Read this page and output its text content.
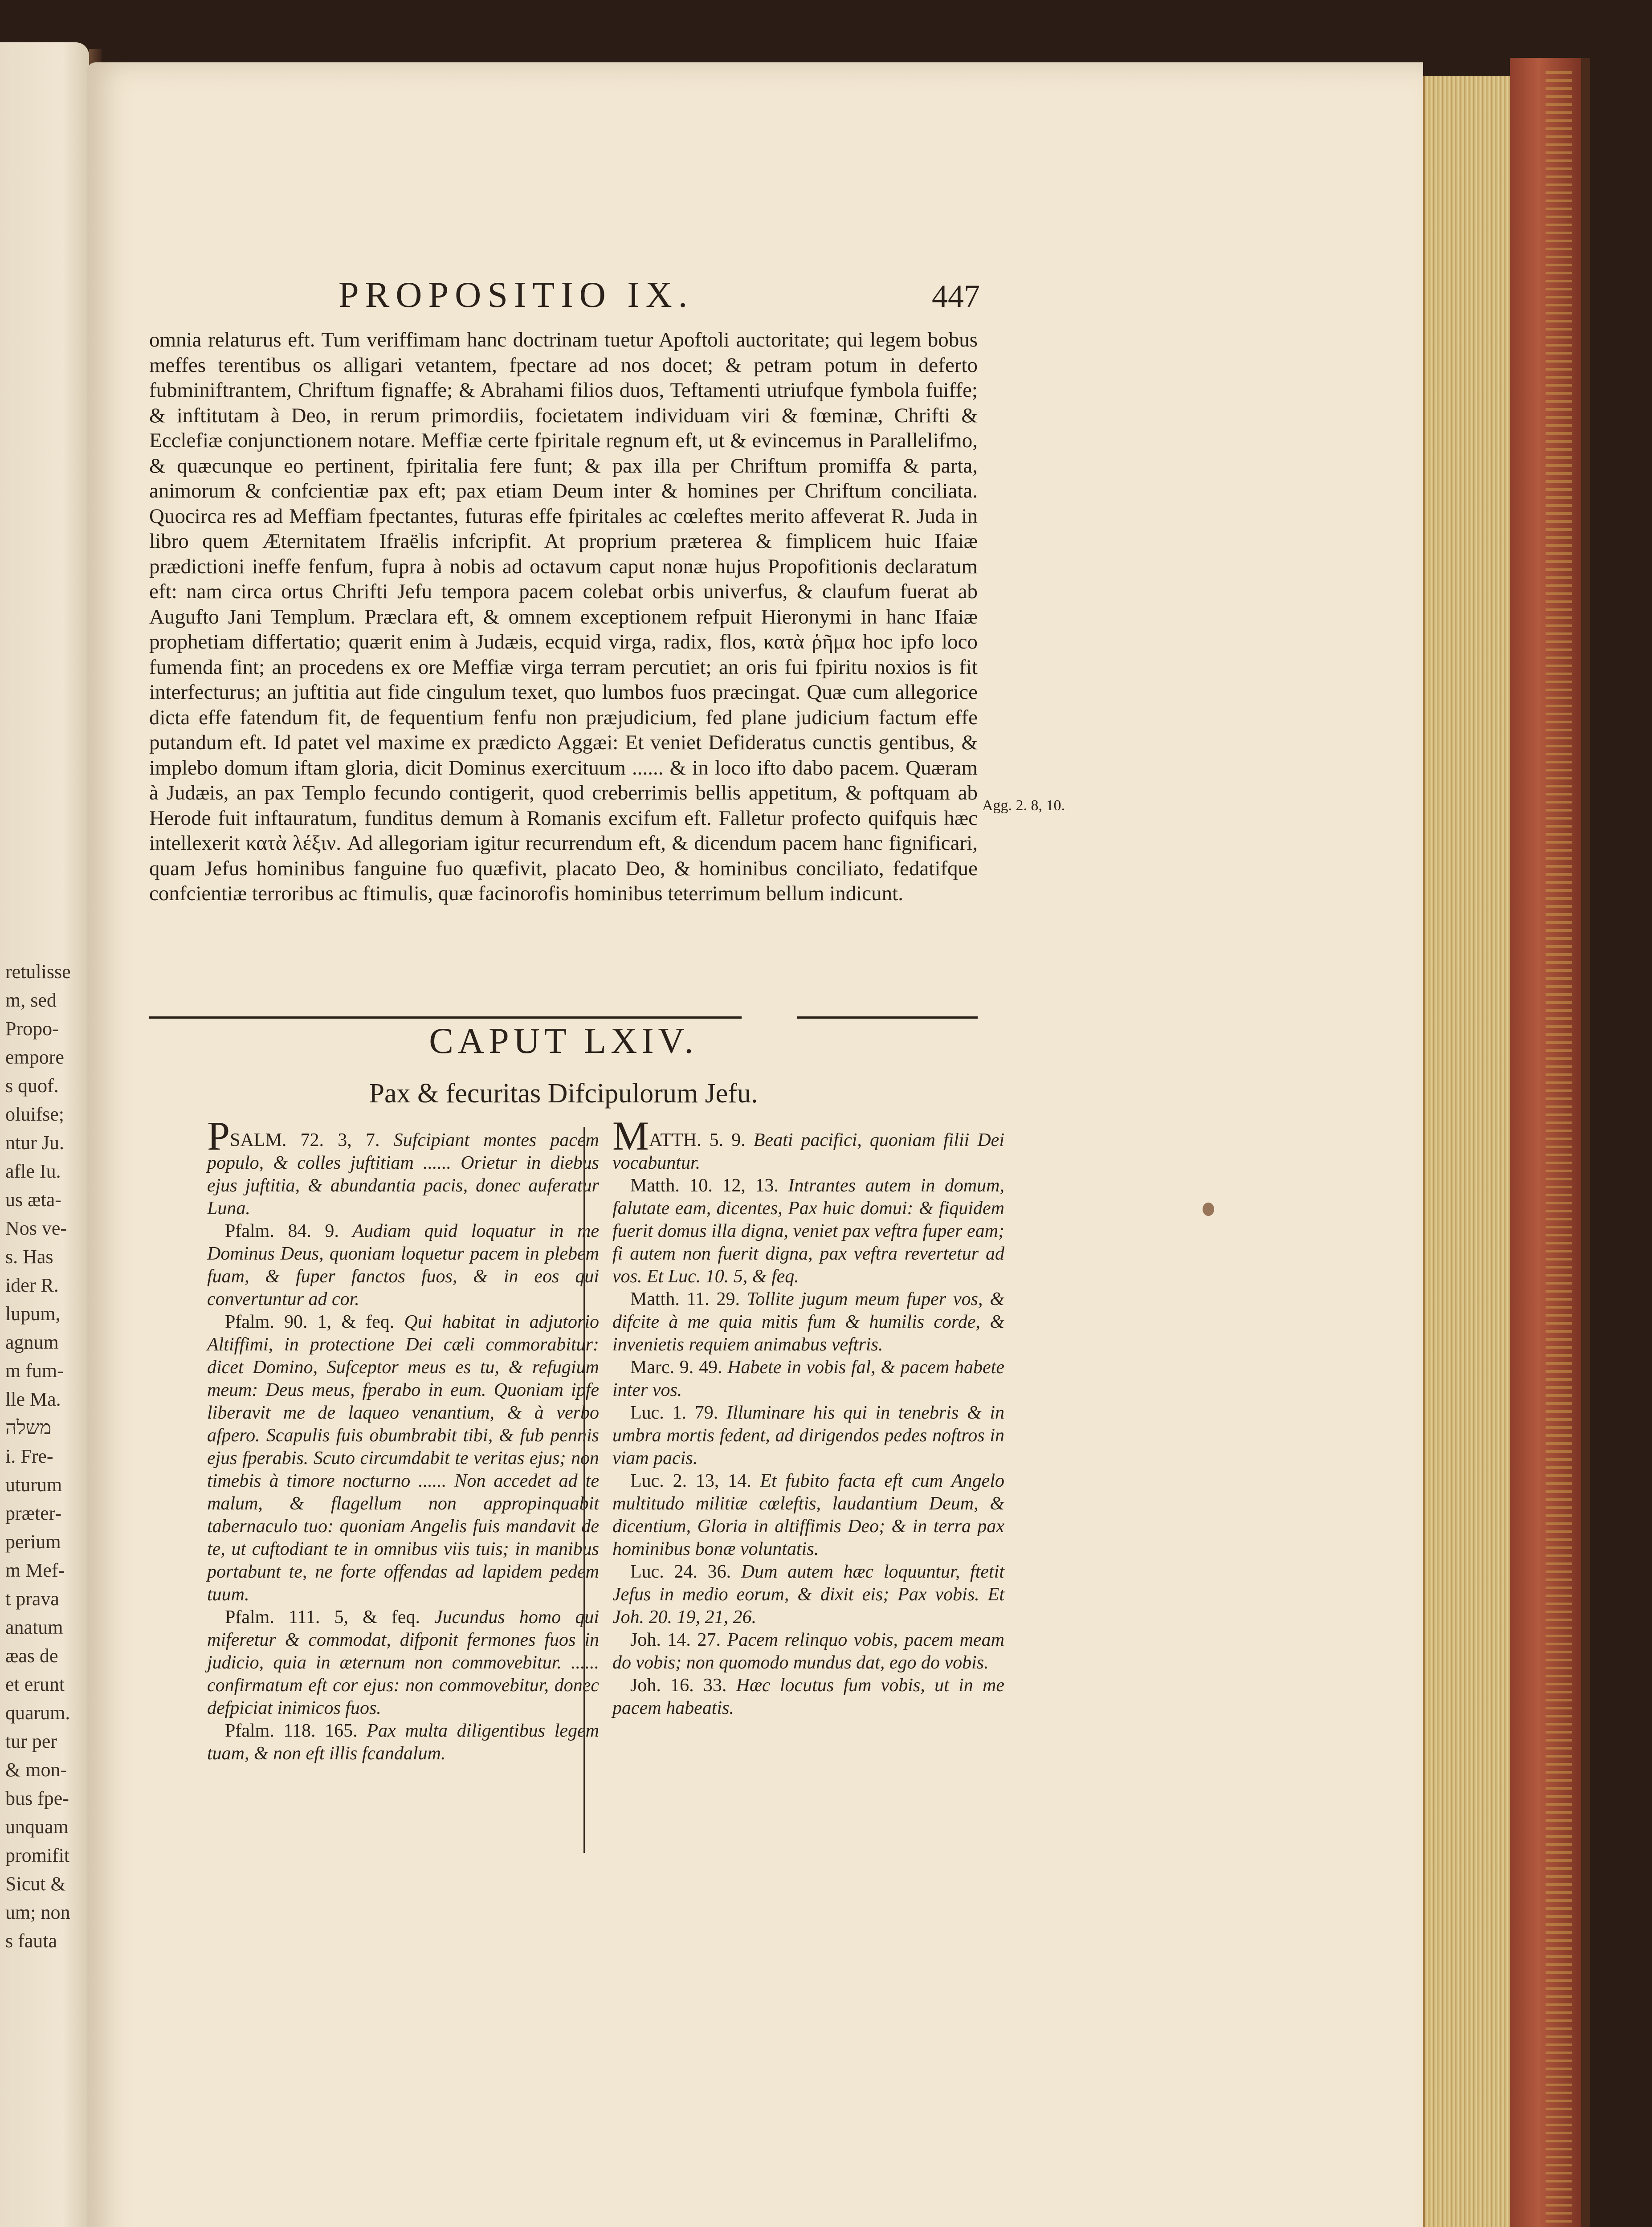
retulisse
m, sed
Propo-
empore
s quof.
oluifse;
ntur Ju.
afle Iu.
us æta-
Nos ve-
s. Has
ider R.
lupum,
agnum
m fum-
lle Ma.
משלה
i. Fre-
uturum
præter-
perium
m Mef-
t prava
anatum
æas de
et erunt
quarum.
tur per
& mon-
bus fpe-
unquam
promifit
Sicut &
um; non
s fauta
PROPOSITIO IX.	447

omnia relaturus eft. Tum veriffimam hanc doctrinam tuetur Apoftoli auctoritate; qui legem bobus meffes terentibus os alligari vetantem, fpectare ad nos docet; & petram potum in deferto fubminiftrantem, Chriftum fignaffe; & Abrahami filios duos, Teftamenti utriufque fymbola fuiffe; & inftitutam à Deo, in rerum primordiis, focietatem individuam viri & fœminæ, Chrifti & Ecclefiæ conjunctionem notare. Meffiæ certe fpiritale regnum eft, ut & evincemus in Parallelifmo, & quæcunque eo pertinent, fpiritalia fere funt; & pax illa per Chriftum promiffa & parta, animorum & confcientiæ pax eft; pax etiam Deum inter & homines per Chriftum conciliata. Quocirca res ad Meffiam fpectantes, futuras effe fpiritales ac cœleftes merito affeverat R. Juda in libro quem Æternitatem Ifraëlis infcripfit. At proprium præterea & fimplicem huic Ifaiæ prædictioni ineffe fenfum, fupra à nobis ad octavum caput nonæ hujus Propofitionis declaratum eft: nam circa ortus Chrifti Jefu tempora pacem colebat orbis univerfus, & claufum fuerat ab Augufto Jani Templum. Præclara eft, & omnem exceptionem refpuit Hieronymi in hanc Ifaiæ prophetiam differtatio; quærit enim à Judæis, ecquid virga, radix, flos, κατὰ ῥῆμα hoc ipfo loco fumenda fint; an procedens ex ore Meffiæ virga terram percutiet; an oris fui fpiritu noxios is fit interfecturus; an juftitia aut fide cingulum texet, quo lumbos fuos præcingat. Quæ cum allegorice dicta effe fatendum fit, de fequentium fenfu non præjudicium, fed plane judicium factum effe putandum eft. Id patet vel maxime ex prædicto Aggæi: Et veniet Defideratus cunctis gentibus, & implebo domum iftam gloria, dicit Dominus exercituum ...... & in loco ifto dabo pacem. Quæram à Judæis, an pax Templo fecundo contigerit, quod creberrimis bellis appetitum, & poftquam ab Herode fuit inftauratum, funditus demum à Romanis excifum eft. Falletur profecto quifquis hæc intellexerit κατὰ λέξιν. Ad allegoriam igitur recurrendum eft, & dicendum pacem hanc fignificari, quam Jefus hominibus fanguine fuo quæfivit, placato Deo, & hominibus conciliato, fedatifque confcientiæ terroribus ac ftimulis, quæ facinorofis hominibus teterrimum bellum indicunt.

Agg. 2. 8, 10.
CAPUT LXIV.
Pax & fecuritas Difcipulorum Jefu.

PSALM. 72. 3, 7. Sufcipiant montes pacem populo, & colles juftitiam ...... Orietur in diebus ejus juftitia, & abundantia pacis, donec auferatur Luna.

Pfalm. 84. 9. Audiam quid loquatur in me Dominus Deus, quoniam loquetur pacem in plebem fuam, & fuper fanctos fuos, & in eos qui convertuntur ad cor.

Pfalm. 90. 1, & feq. Qui habitat in adjutorio Altiffimi, in protectione Dei cæli commorabitur: dicet Domino, Sufceptor meus es tu, & refugium meum: Deus meus, fperabo in eum. Quoniam ipfe liberavit me de laqueo venantium, & à verbo afpero. Scapulis fuis obumbrabit tibi, & fub pennis ejus fperabis. Scuto circumdabit te veritas ejus; non timebis à timore nocturno ...... Non accedet ad te malum, & flagellum non appropinquabit tabernaculo tuo: quoniam Angelis fuis mandavit de te, ut cuftodiant te in omnibus viis tuis; in manibus portabunt te, ne forte offendas ad lapidem pedem tuum.

Pfalm. 111. 5, & feq. Jucundus homo qui miferetur & commodat, difponit fermones fuos in judicio, quia in æternum non commovebitur. ...... confirmatum eft cor ejus: non commovebitur, donec defpiciat inimicos fuos.

Pfalm. 118. 165. Pax multa diligentibus legem tuam, & non eft illis fcandalum.

MATTH. 5. 9. Beati pacifici, quoniam filii Dei vocabuntur.

Matth. 10. 12, 13. Intrantes autem in domum, falutate eam, dicentes, Pax huic domui: & fiquidem fuerit domus illa digna, veniet pax veftra fuper eam; fi autem non fuerit digna, pax veftra revertetur ad vos. Et Luc. 10. 5, & feq.

Matth. 11. 29. Tollite jugum meum fuper vos, & difcite à me quia mitis fum & humilis corde, & invenietis requiem animabus veftris.

Marc. 9. 49. Habete in vobis fal, & pacem habete inter vos.

Luc. 1. 79. Illuminare his qui in tenebris & in umbra mortis fedent, ad dirigendos pedes noftros in viam pacis.

Luc. 2. 13, 14. Et fubito facta eft cum Angelo multitudo militiæ cœleftis, laudantium Deum, & dicentium, Gloria in altiffimis Deo; & in terra pax hominibus bonæ voluntatis.

Luc. 24. 36. Dum autem hæc loquuntur, ftetit Jefus in medio eorum, & dixit eis; Pax vobis. Et Joh. 20. 19, 21, 26.

Joh. 14. 27. Pacem relinquo vobis, pacem meam do vobis; non quomodo mundus dat, ego do vobis.

Joh. 16. 33. Hæc locutus fum vobis, ut in me pacem habeatis.
